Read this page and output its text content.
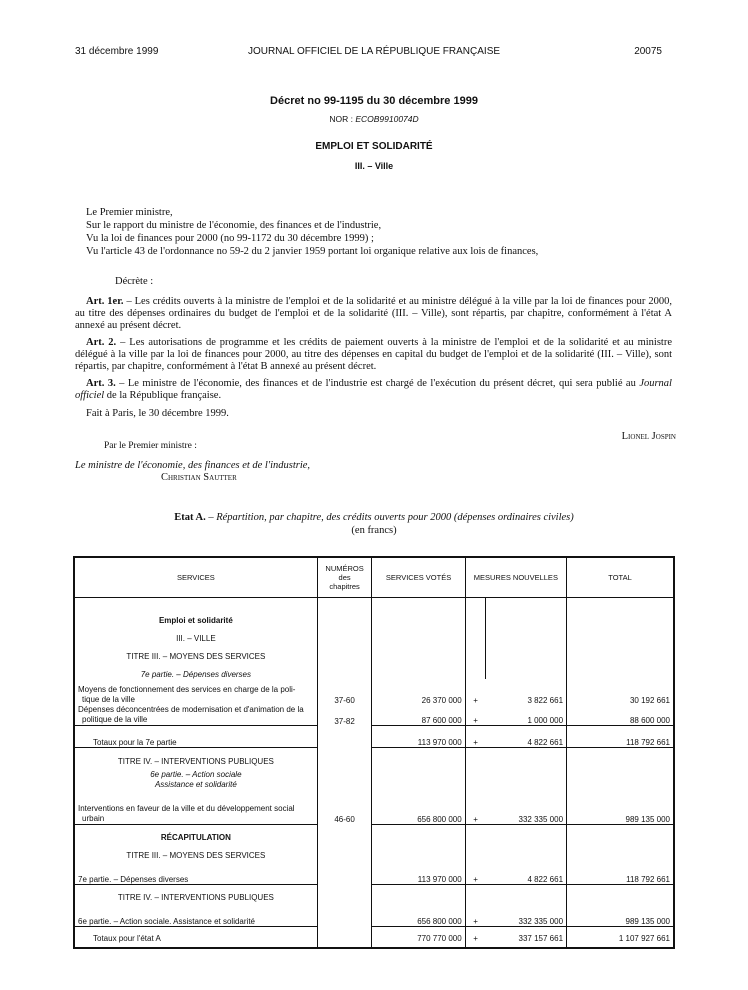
31 décembre 1999	JOURNAL OFFICIEL DE LA RÉPUBLIQUE FRANÇAISE	20075
Décret no 99-1195 du 30 décembre 1999
NOR : ECOB9910074D
EMPLOI ET SOLIDARITÉ
III. – Ville
Le Premier ministre,
Sur le rapport du ministre de l'économie, des finances et de l'industrie,
Vu la loi de finances pour 2000 (no 99-1172 du 30 décembre 1999) ;
Vu l'article 43 de l'ordonnance no 59-2 du 2 janvier 1959 portant loi organique relative aux lois de finances,
Décrète :
Art. 1er. – Les crédits ouverts à la ministre de l'emploi et de la solidarité et au ministre délégué à la ville par la loi de finances pour 2000, au titre des dépenses ordinaires du budget de l'emploi et de la solidarité (III. – Ville), sont répartis, par chapitre, conformément à l'état A annexé au présent décret.
Art. 2. – Les autorisations de programme et les crédits de paiement ouverts à la ministre de l'emploi et de la solidarité et au ministre délégué à la ville par la loi de finances pour 2000, au titre des dépenses en capital du budget de l'emploi et de la solidarité (III. – Ville), sont répartis, par chapitre, conformément à l'état B annexé au présent décret.
Art. 3. – Le ministre de l'économie, des finances et de l'industrie est chargé de l'exécution du présent décret, qui sera publié au Journal officiel de la République française.
Fait à Paris, le 30 décembre 1999.
Lionel Jospin
Par le Premier ministre :
Le ministre de l'économie, des finances et de l'industrie,
Christian Sautter
Etat A. – Répartition, par chapitre, des crédits ouverts pour 2000 (dépenses ordinaires civiles)
(en francs)
SERVICES	NUMÉROS
des
chapitres	SERVICES VOTÉS	MESURES NOUVELLES		TOTAL

Emploi et solidarité					
III. – VILLE					
TITRE III. – MOYENS DES SERVICES					
7e partie. – Dépenses diverses					
Moyens de fonctionnement des services en charge de la poli-
tique de la ville	37-60	26 370 000	+	3 822 661	30 192 661
Dépenses déconcentrées de modernisation et d'animation de la
politique de la ville	37-82	87 600 000	+	1 000 000	88 600 000
Totaux pour la 7e partie		113 970 000	+	4 822 661	118 792 661
TITRE IV. – INTERVENTIONS PUBLIQUES					
6e partie. – Action sociale
Assistance et solidarité					
Interventions en faveur de la ville et du développement social
urbain	46-60	656 800 000	+	332 335 000	989 135 000
RÉCAPITULATION					
TITRE III. – MOYENS DES SERVICES					
7e partie. – Dépenses diverses		113 970 000	+	4 822 661	118 792 661
TITRE IV. – INTERVENTIONS PUBLIQUES					
6e partie. – Action sociale. Assistance et solidarité		656 800 000	+	332 335 000	989 135 000
Totaux pour l'état A		770 770 000	+	337 157 661	1 107 927 661
